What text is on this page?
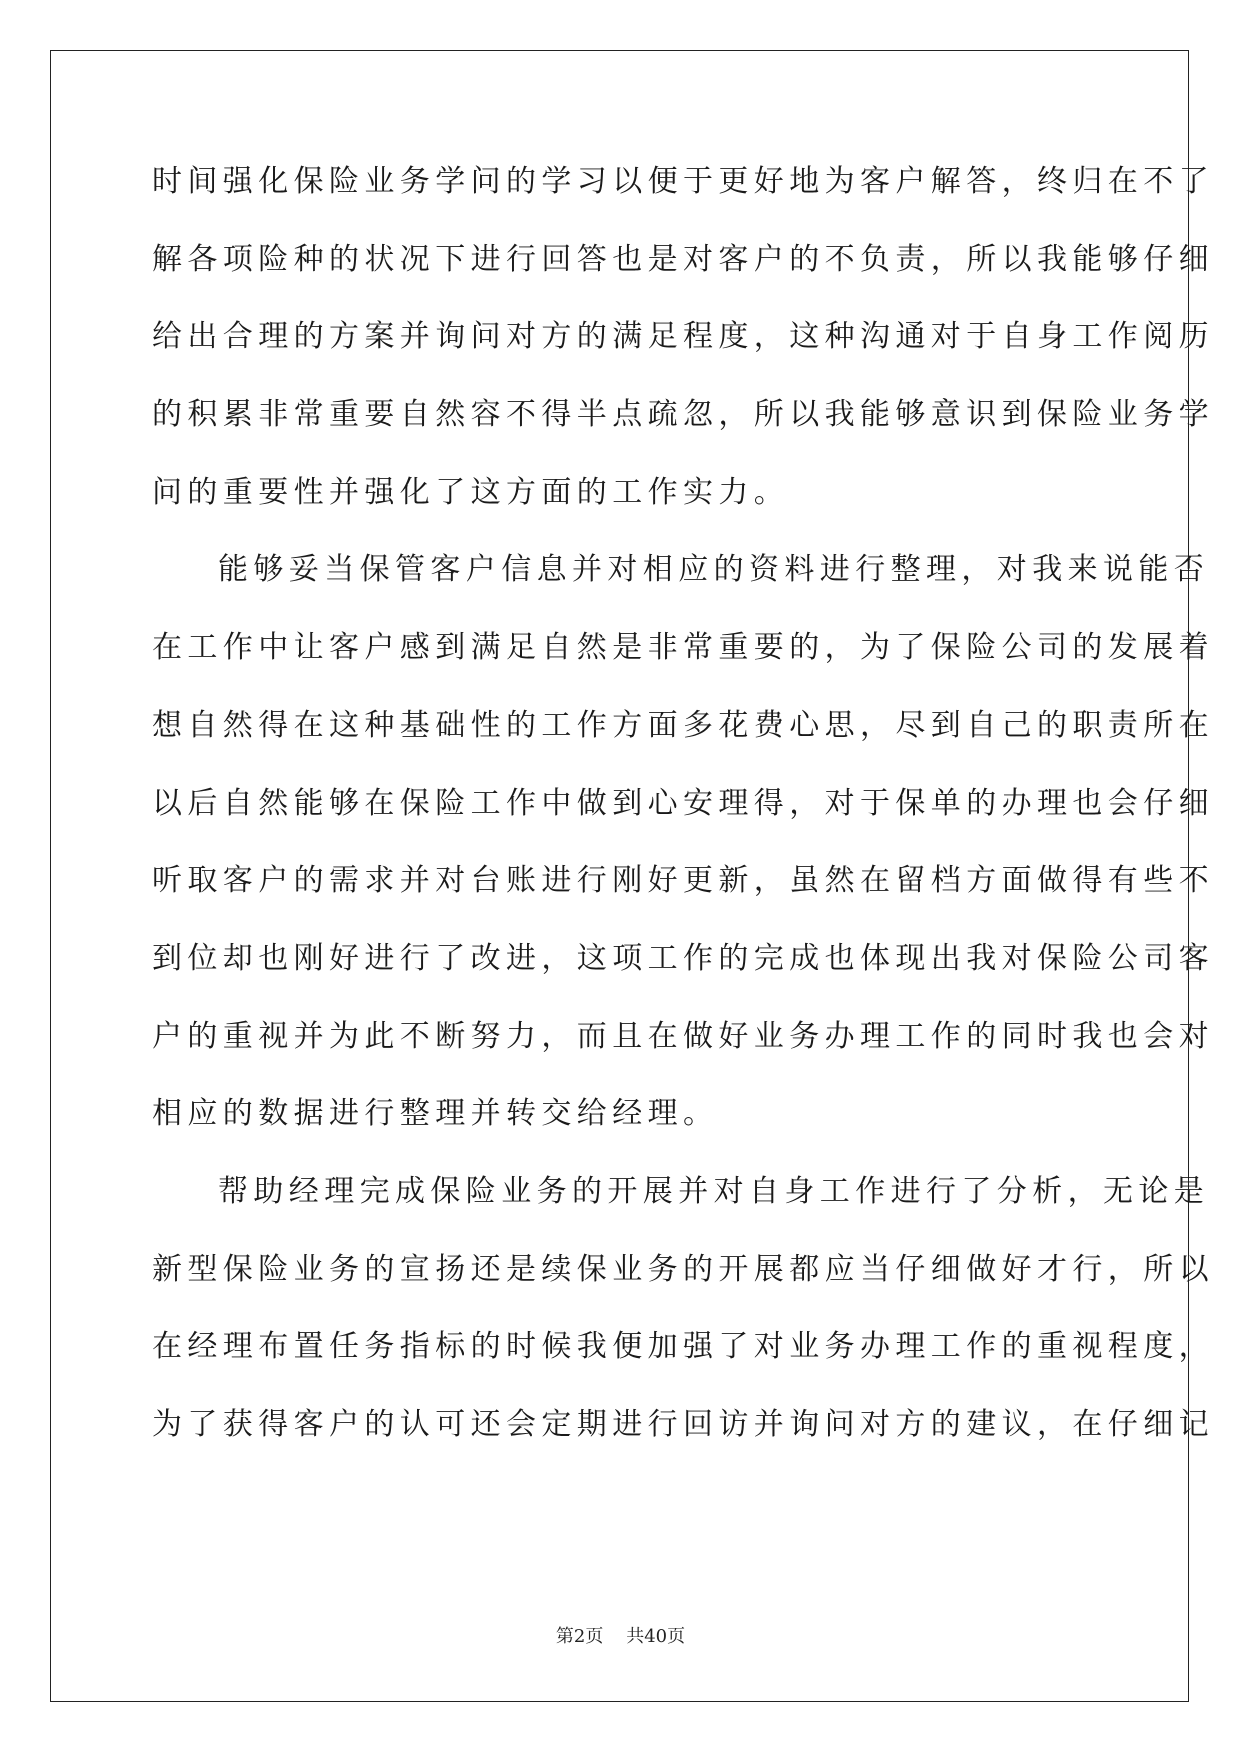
时间强化保险业务学问的学习以便于更好地为客户解答，终归在不了
解各项险种的状况下进行回答也是对客户的不负责，所以我能够仔细
给出合理的方案并询问对方的满足程度，这种沟通对于自身工作阅历
的积累非常重要自然容不得半点疏忽，所以我能够意识到保险业务学
问的重要性并强化了这方面的工作实力。
能够妥当保管客户信息并对相应的资料进行整理，对我来说能否
在工作中让客户感到满足自然是非常重要的，为了保险公司的发展着
想自然得在这种基础性的工作方面多花费心思，尽到自己的职责所在
以后自然能够在保险工作中做到心安理得，对于保单的办理也会仔细
听取客户的需求并对台账进行刚好更新，虽然在留档方面做得有些不
到位却也刚好进行了改进，这项工作的完成也体现出我对保险公司客
户的重视并为此不断努力，而且在做好业务办理工作的同时我也会对
相应的数据进行整理并转交给经理。
帮助经理完成保险业务的开展并对自身工作进行了分析，无论是
新型保险业务的宣扬还是续保业务的开展都应当仔细做好才行，所以
在经理布置任务指标的时候我便加强了对业务办理工作的重视程度，
为了获得客户的认可还会定期进行回访并询问对方的建议，在仔细记
第2页    共40页
